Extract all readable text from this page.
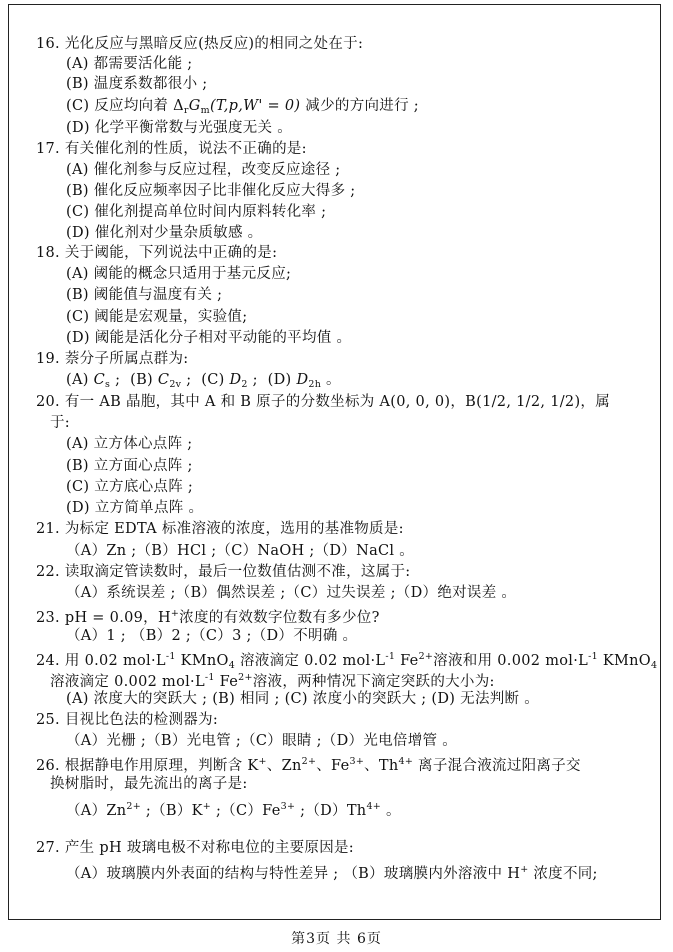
16. 光化反应与黑暗反应(热反应)的相同之处在于:
(A) 都需要活化能 ;
(B) 温度系数都很小 ;
(C) 反应均向着 $\Delta_rG_m(T,p,W' = 0)$ 减少的方向进行 ;
(D) 化学平衡常数与光强度无关 。
17. 有关催化剂的性质，说法不正确的是:
(A) 催化剂参与反应过程，改变反应途径 ;
(B) 催化反应频率因子比非催化反应大得多 ;
(C) 催化剂提高单位时间内原料转化率 ;
(D) 催化剂对少量杂质敏感 。
18. 关于阈能，下列说法中正确的是:
(A) 阈能的概念只适用于基元反应;
(B) 阈能值与温度有关 ;
(C) 阈能是宏观量，实验值;
(D) 阈能是活化分子相对平动能的平均值 。
19. 萘分子所属点群为:
(A) $C_s$ ;  (B) $C_{2v}$ ;  (C) $D_2$ ;  (D) $D_{2h}$ 。
20. 有一 AB 晶胞，其中 A 和 B 原子的分数坐标为 A(0, 0, 0)，B(1/2, 1/2, 1/2)，属
于:
(A) 立方体心点阵 ;
(B) 立方面心点阵 ;
(C) 立方底心点阵 ;
(D) 立方简单点阵 。
21. 为标定 EDTA 标准溶液的浓度，选用的基准物质是:
（A）Zn ;（B）HCl ;（C）NaOH ;（D）NaCl 。
22. 读取滴定管读数时，最后一位数值估测不准，这属于:
（A）系统误差 ;（B）偶然误差 ;（C）过失误差 ;（D）绝对误差 。
23. pH = 0.09，H+浓度的有效数字位数有多少位?
（A）1 ; （B）2 ;（C）3 ;（D）不明确 。
24. 用 0.02 $mol\cdot L^{-1}$ KMnO$_4$ 溶液滴定 0.02 $mol\cdot L^{-1}$ $Fe^{2+}$溶液和用 0.002 $mol\cdot L^{-1}$ KMnO$_4$
溶液滴定 0.002 $mol\cdot L^{-1}$ $Fe^{2+}$溶液，两种情况下滴定突跃的大小为:
(A) 浓度大的突跃大 ; (B) 相同 ; (C) 浓度小的突跃大 ; (D) 无法判断 。
25. 目视比色法的检测器为:
（A）光栅 ;（B）光电管 ;（C）眼睛 ;（D）光电倍增管 。
26. 根据静电作用原理，判断含 K+、$Zn^{2+}$、$Fe^{3+}$、$Th^{4+}$ 离子混合液流过阳离子交
换树脂时，最先流出的离子是:
$(A)Zn^{2+}$ ;（B）K+ $;(C)Fe^{3+}$ $;(D)Th^{4+}$ 。
27. 产生 pH 玻璃电极不对称电位的主要原因是:
（A）玻璃膜内外表面的结构与特性差异 ; （B）玻璃膜内外溶液中 H+ 浓度不同;
第3页 共 6页
